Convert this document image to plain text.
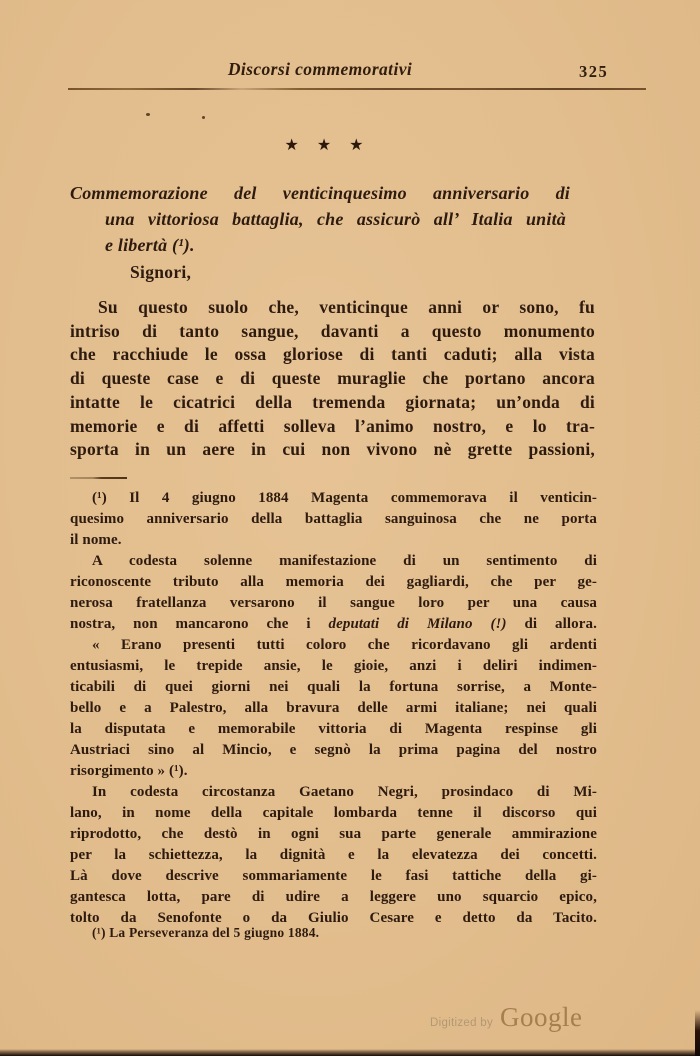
Discorsi commemorativi	325
★ ★ ★
Commemorazione del venticinquesimo anniversario di
una vittoriosa battaglia, che assicurò all’ Italia unità
e libertà (¹).
Signori,
Su questo suolo che, venticinque anni or sono, fu
intriso di tanto sangue, davanti a questo monumento
che racchiude le ossa gloriose di tanti caduti; alla vista
di queste case e di queste muraglie che portano ancora
intatte le cicatrici della tremenda giornata; un’onda di
memorie e di affetti solleva l’animo nostro, e lo tra-
sporta in un aere in cui non vivono nè grette passioni,
(¹) Il 4 giugno 1884 Magenta commemorava il venticin-
quesimo anniversario della battaglia sanguinosa che ne porta
il nome.
A codesta solenne manifestazione di un sentimento di
riconoscente tributo alla memoria dei gagliardi, che per ge-
nerosa fratellanza versarono il sangue loro per una causa
nostra, non mancarono che i deputati di Milano (!) di allora.
« Erano presenti tutti coloro che ricordavano gli ardenti
entusiasmi, le trepide ansie, le gioie, anzi i deliri indimen-
ticabili di quei giorni nei quali la fortuna sorrise, a Monte-
bello e a Palestro, alla bravura delle armi italiane; nei quali
la disputata e memorabile vittoria di Magenta respinse gli
Austriaci sino al Mincio, e segnò la prima pagina del nostro
risorgimento » (¹).
In codesta circostanza Gaetano Negri, prosindaco di Mi-
lano, in nome della capitale lombarda tenne il discorso qui
riprodotto, che destò in ogni sua parte generale ammirazione
per la schiettezza, la dignità e la elevatezza dei concetti.
Là dove descrive sommariamente le fasi tattiche della gi-
gantesca lotta, pare di udire a leggere uno squarcio epico,
tolto da Senofonte o da Giulio Cesare e detto da Tacito.
(¹) La Perseveranza del 5 giugno 1884.
Digitized by Google
